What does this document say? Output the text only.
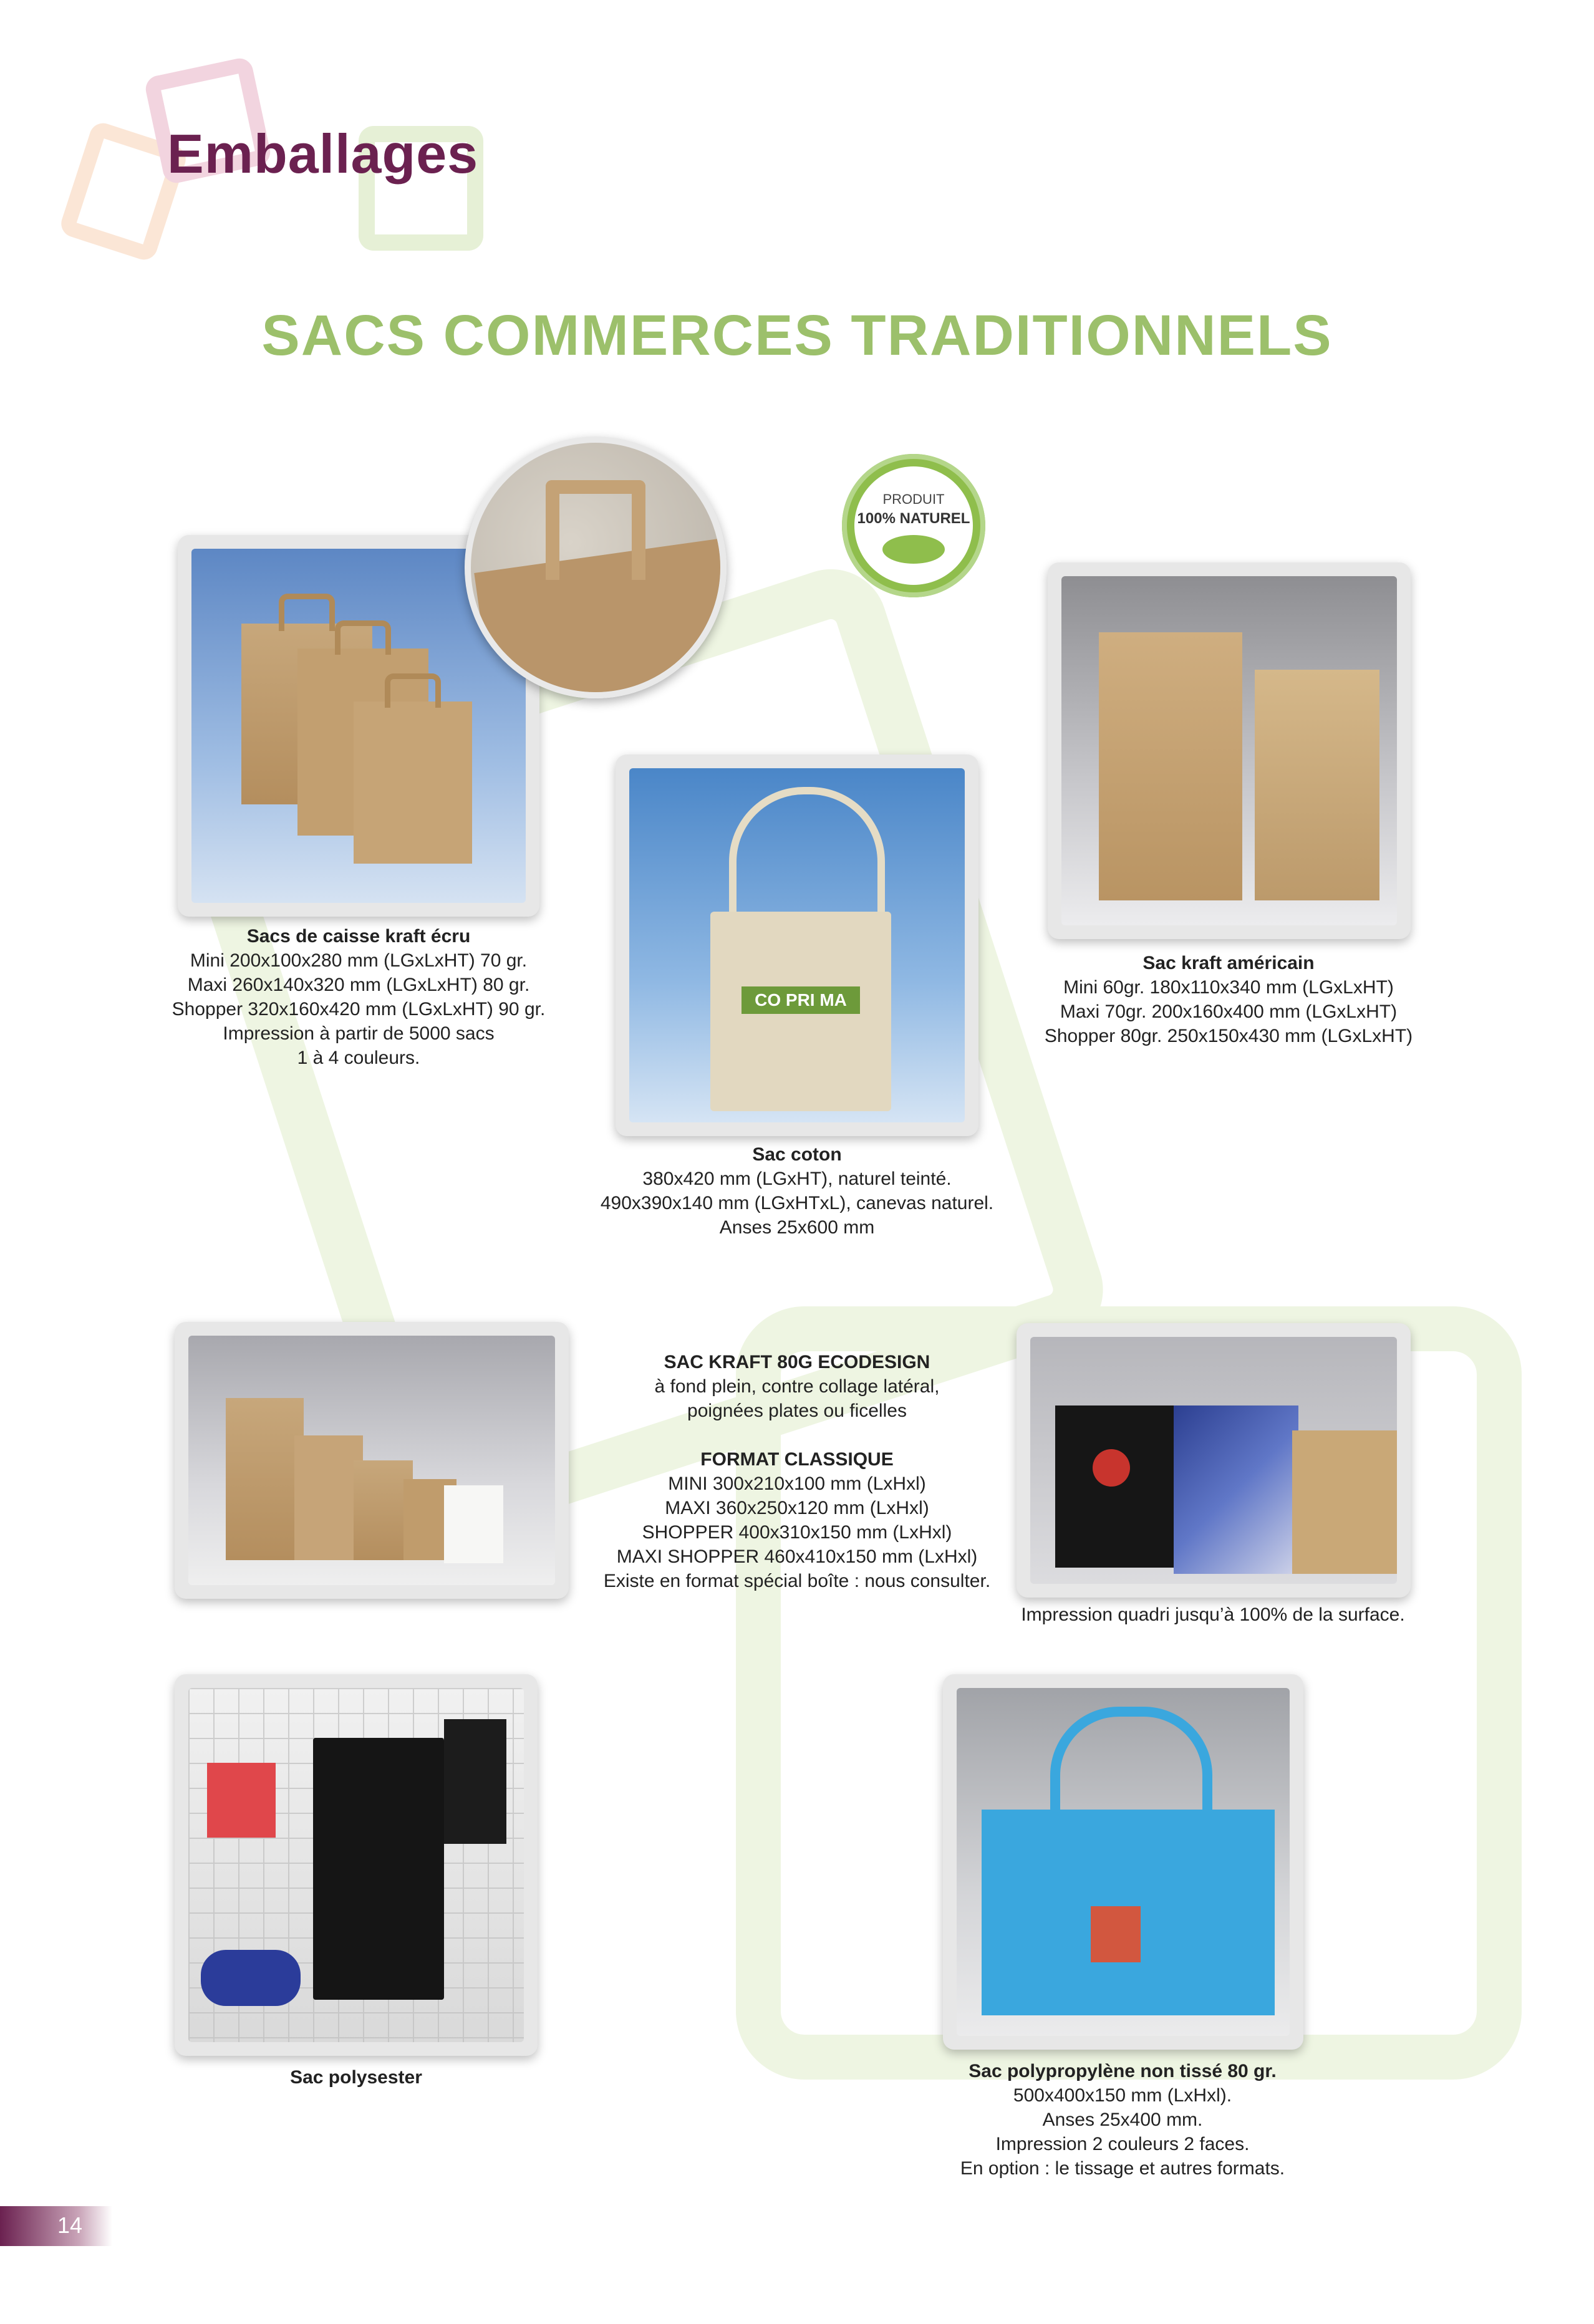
Emballages
SACS COMMERCES TRADITIONNELS
PRODUIT
100% NATUREL
CO PRI MA
Sacs de caisse kraft écru
Mini 200x100x280 mm (LGxLxHT) 70 gr.
Maxi 260x140x320 mm (LGxLxHT) 80 gr.
Shopper 320x160x420 mm (LGxLxHT) 90 gr.
Impression à partir de 5000 sacs
1 à 4 couleurs.
Sac kraft américain
Mini 60gr. 180x110x340 mm (LGxLxHT)
Maxi 70gr. 200x160x400 mm (LGxLxHT)
Shopper 80gr. 250x150x430 mm (LGxLxHT)
Sac coton
380x420 mm (LGxHT), naturel teinté.
490x390x140 mm (LGxHTxL), canevas naturel.
Anses 25x600 mm
SAC KRAFT 80G ECODESIGN
à fond plein, contre collage latéral,
poignées plates ou ficelles
FORMAT CLASSIQUE
MINI 300x210x100 mm (LxHxl)
MAXI 360x250x120 mm (LxHxl)
SHOPPER 400x310x150 mm (LxHxl)
MAXI SHOPPER 460x410x150 mm (LxHxl)
Existe en format spécial boîte : nous consulter.
Impression quadri jusqu’à 100% de la surface.
Sac polysester	Sac polypropylène non tissé 80 gr.
500x400x150 mm (LxHxl).
Anses 25x400 mm.
Impression 2 couleurs 2 faces.
En option : le tissage et autres formats.
14
